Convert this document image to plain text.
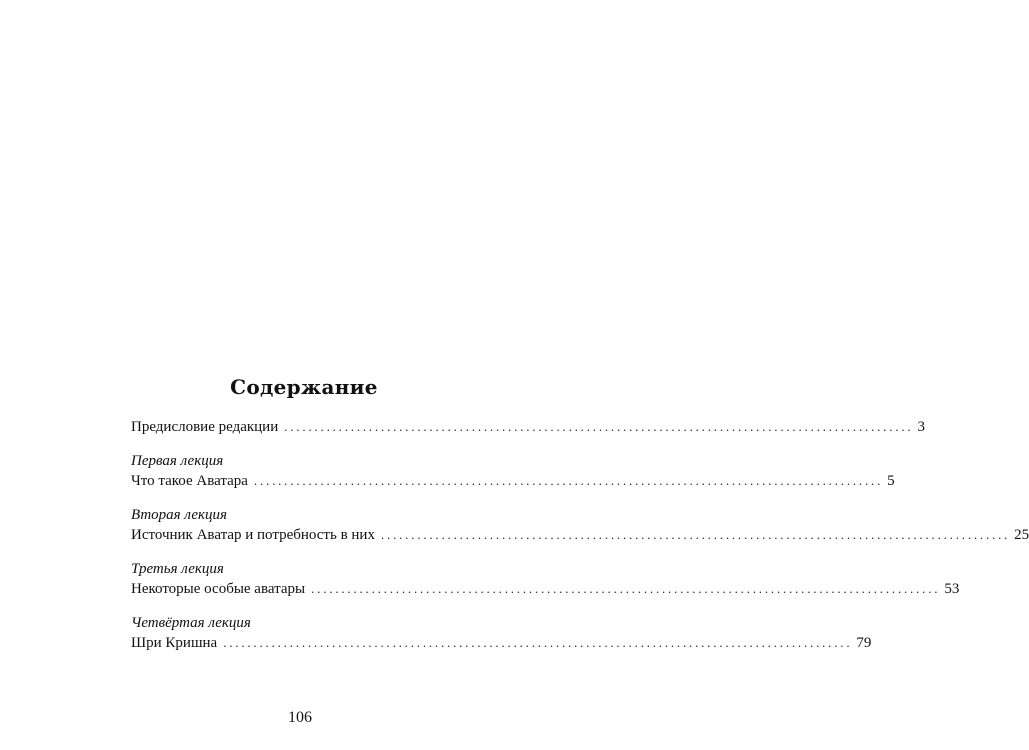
Содержание
Предисловие редакции ........................................................................................................ 3
Первая лекция
Что такое Аватара ........................................................................................................ 5
Вторая лекция
Источник Аватар и потребность в них ........................................................................................................ 25
Третья лекция
Некоторые особые аватары ........................................................................................................ 53
Четвёртая лекция
Шри Кришна ........................................................................................................ 79
106
